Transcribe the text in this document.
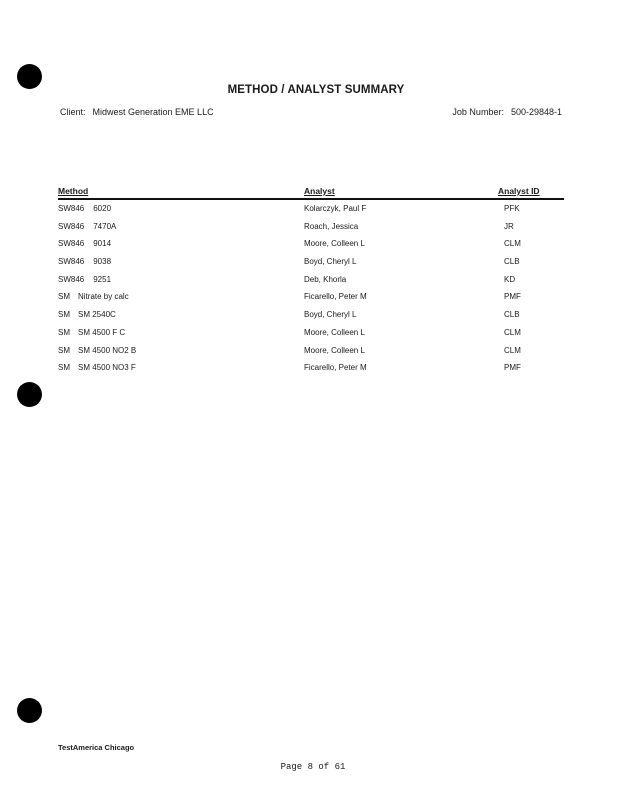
METHOD / ANALYST SUMMARY
Client: Midwest Generation EME LLC	Job Number: 500-29848-1
Method	Analyst	Analyst ID
SW846 6020	Kolarczyk, Paul F	PFK
SW846 7470A	Roach, Jessica	JR
SW846 9014	Moore, Colleen L	CLM
SW846 9038	Boyd, Cheryl L	CLB
SW846 9251	Deb, Khorla	KD
SM Nitrate by calc	Ficarello, Peter M	PMF
SM SM 2540C	Boyd, Cheryl L	CLB
SM SM 4500 F C	Moore, Colleen L	CLM
SM SM 4500 NO2 B	Moore, Colleen L	CLM
SM SM 4500 NO3 F	Ficarello, Peter M	PMF
TestAmerica Chicago
Page 8 of 61
